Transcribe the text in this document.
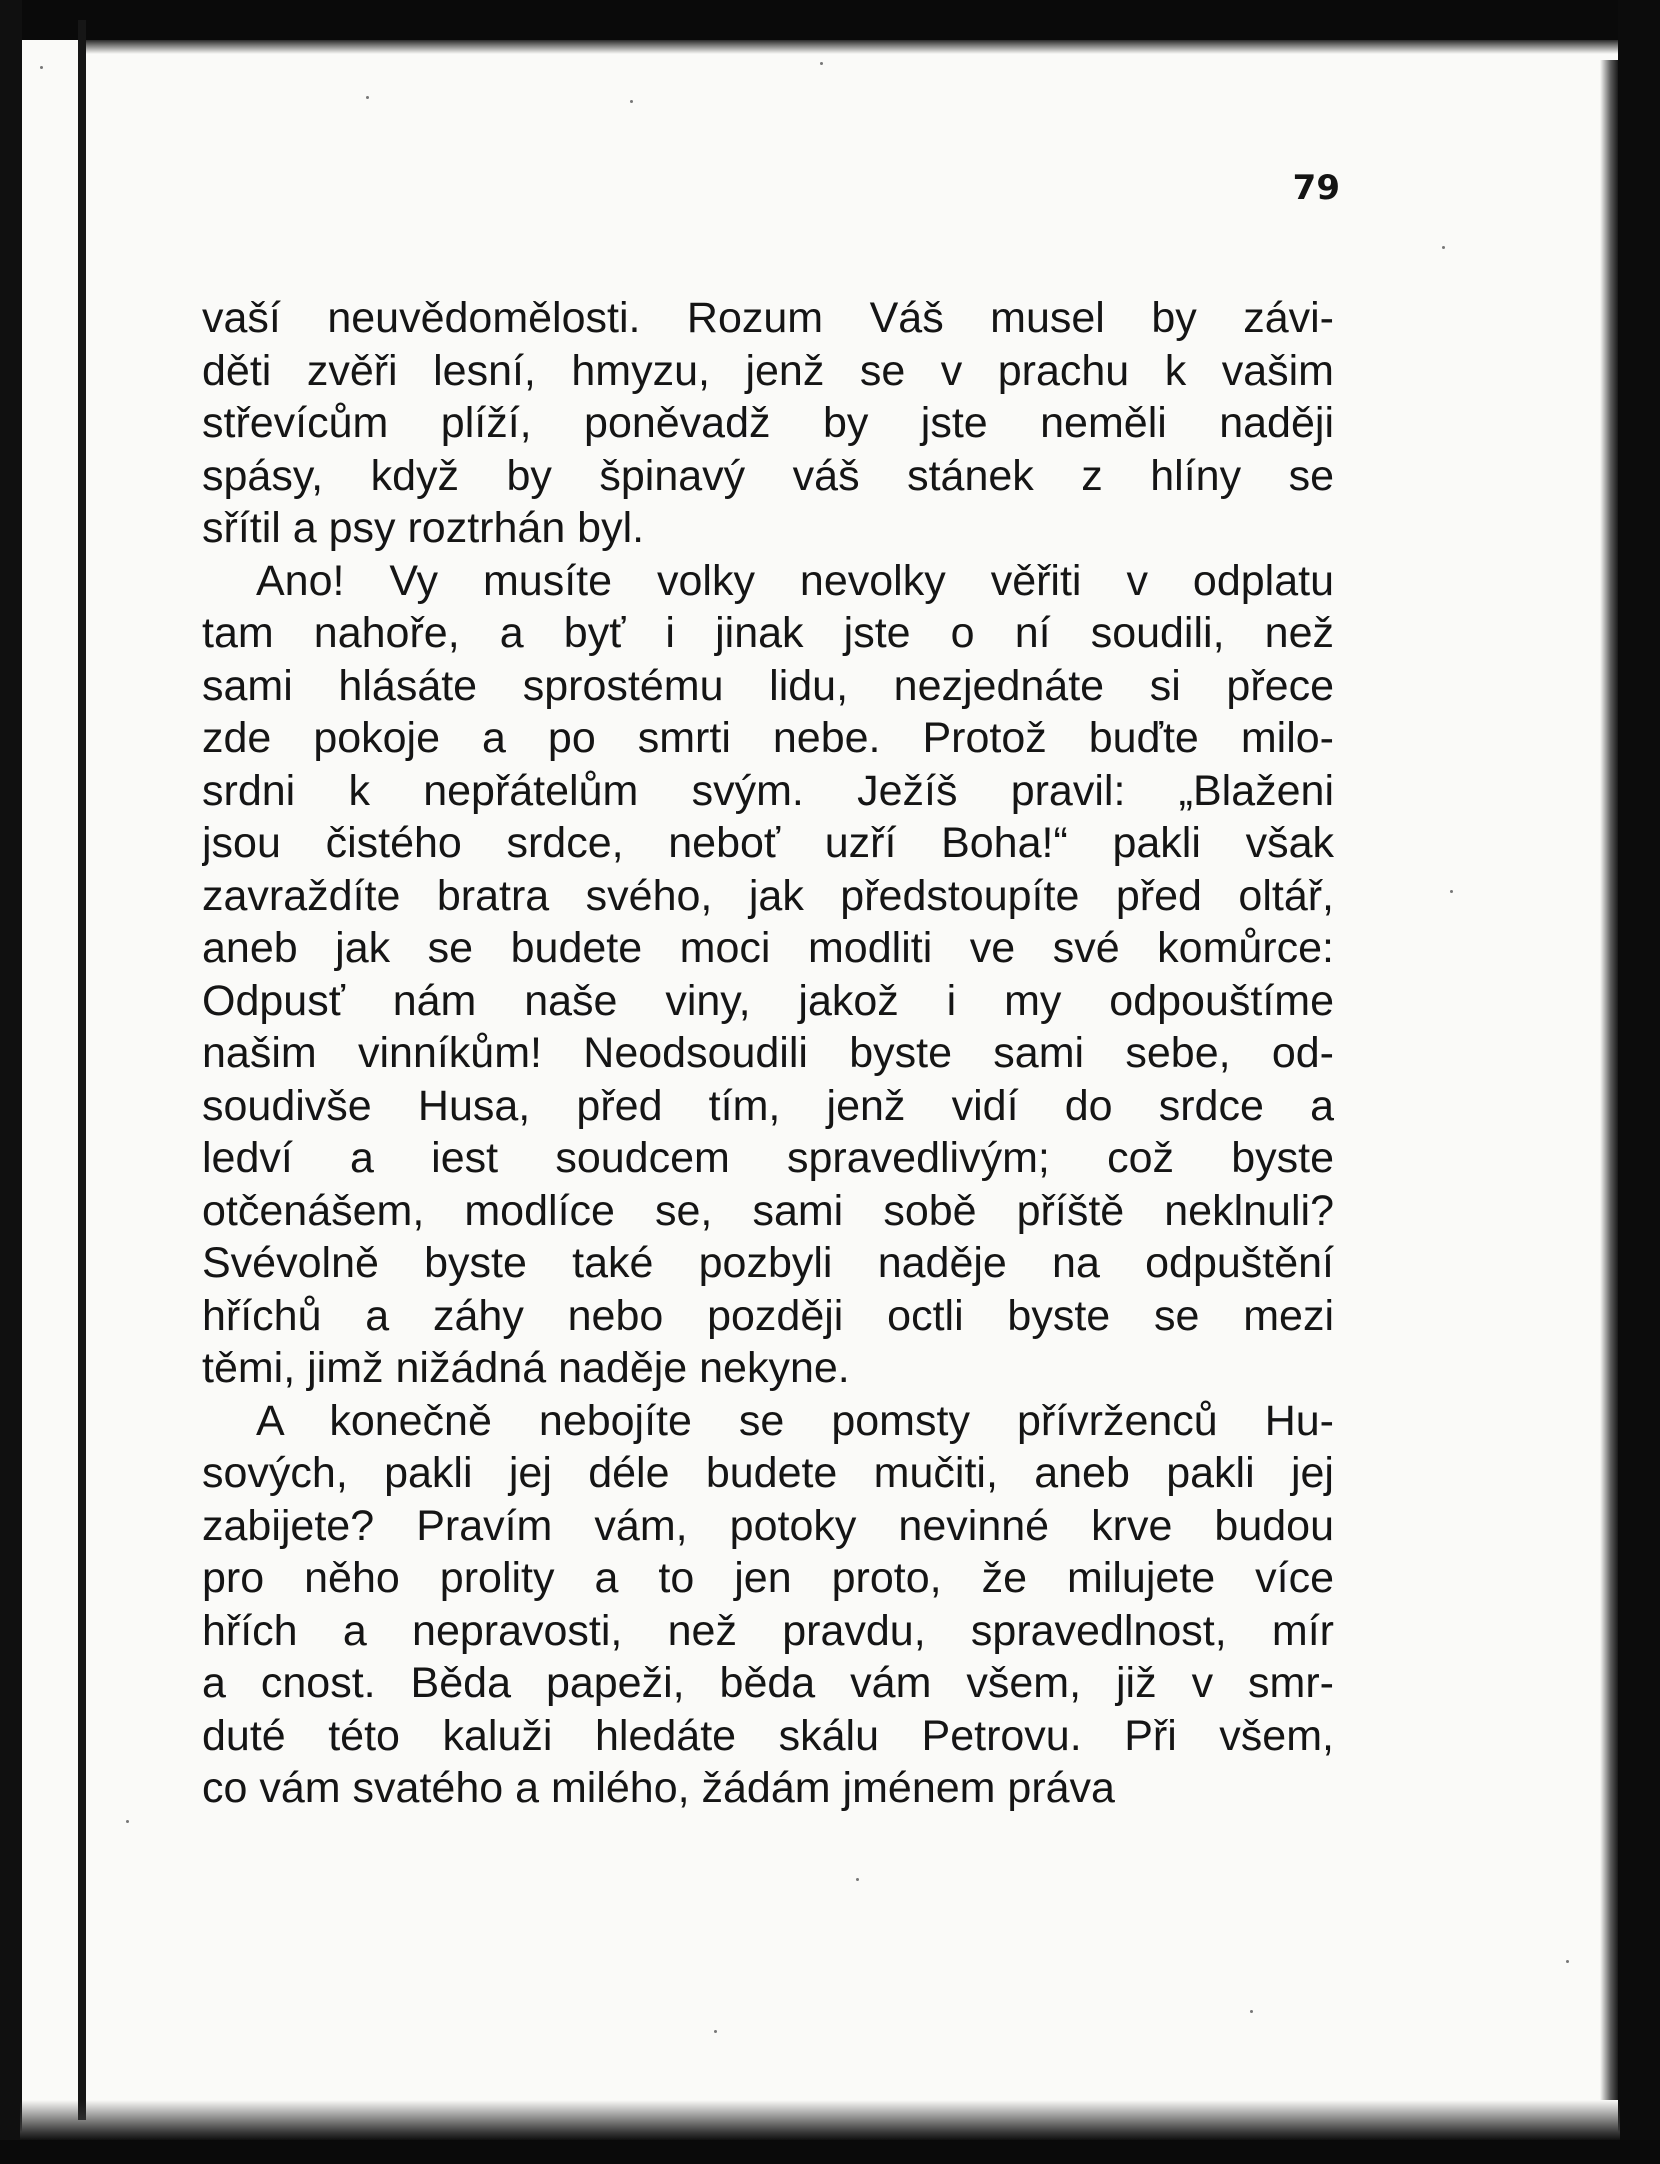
79
vaší neuvědomělosti. Rozum Váš musel by závi-
děti zvěři lesní, hmyzu, jenž se v prachu k vašim
střevícům plíží, poněvadž by jste neměli naději
spásy, když by špinavý váš stánek z hlíny se
sřítil a psy roztrhán byl.
Ano! Vy musíte volky nevolky věřiti v odplatu
tam nahoře, a byť i jinak jste o ní soudili, než
sami hlásáte sprostému lidu, nezjednáte si přece
zde pokoje a po smrti nebe. Protož buďte milo-
srdni k nepřátelům svým. Ježíš pravil: „Blaženi
jsou čistého srdce, neboť uzří Boha!“ pakli však
zavraždíte bratra svého, jak předstoupíte před oltář,
aneb jak se budete moci modliti ve své komůrce:
Odpusť nám naše viny, jakož i my odpouštíme
našim vinníkům! Neodsoudili byste sami sebe, od-
soudivše Husa, před tím, jenž vidí do srdce a
ledví a iest soudcem spravedlivým; což byste
otčenášem, modlíce se, sami sobě příště neklnuli?
Svévolně byste také pozbyli naděje na odpuštění
hříchů a záhy nebo později octli byste se mezi
těmi, jimž nižádná naděje nekyne.
A konečně nebojíte se pomsty přívrženců Hu-
sových, pakli jej déle budete mučiti, aneb pakli jej
zabijete? Pravím vám, potoky nevinné krve budou
pro něho prolity a to jen proto, že milujete více
hřích a nepravosti, než pravdu, spravedlnost, mír
a cnost. Běda papeži, běda vám všem, již v smr-
duté této kaluži hledáte skálu Petrovu. Při všem,
co vám svatého a milého, žádám jménem práva
